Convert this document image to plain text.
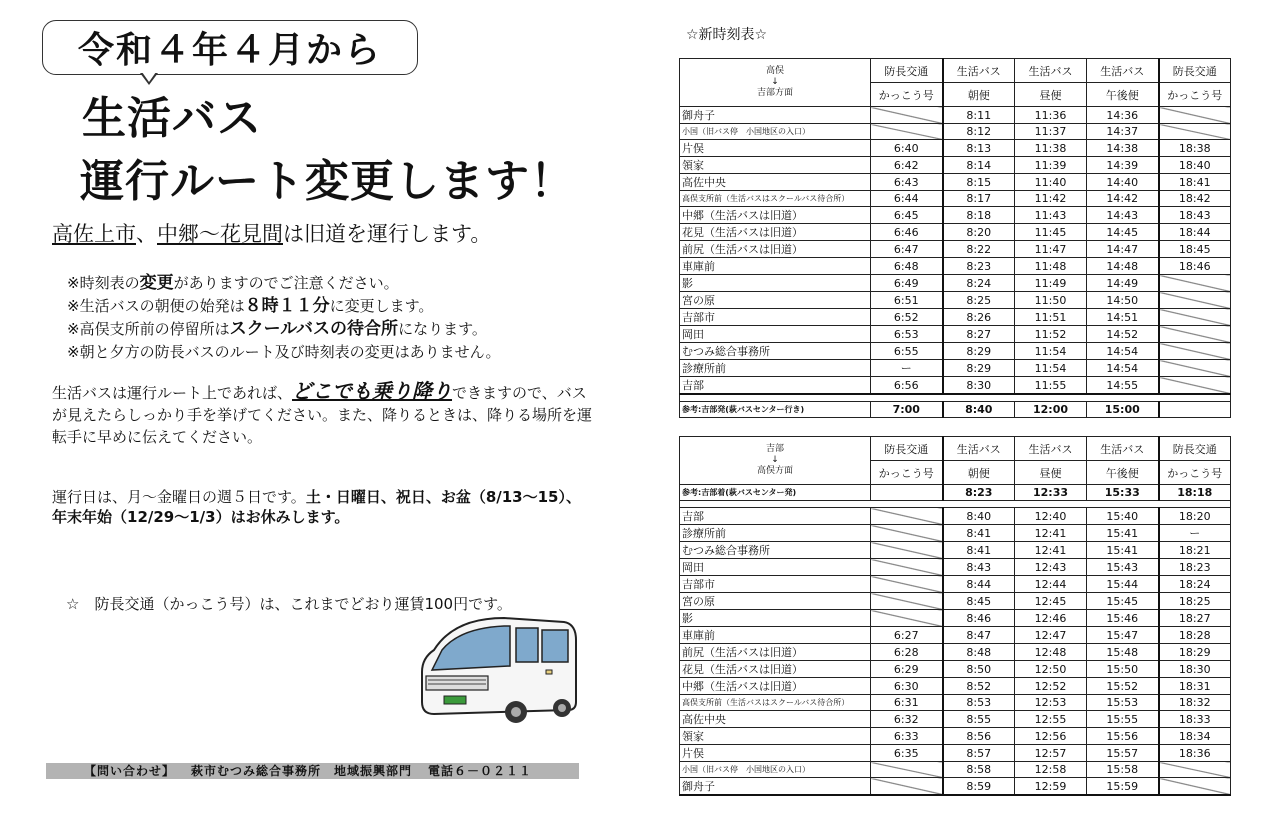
令和４年４月から
生活バス
運行ルート変更します！
高佐上市、中郷～花見間は旧道を運行します。
※時刻表の変更がありますのでご注意ください。
※生活バスの朝便の始発は８時１１分に変更します。
※高俣支所前の停留所はスクールバスの待合所になります。
※朝と夕方の防長バスのルート及び時刻表の変更はありません。
生活バスは運行ルート上であれば、どこでも乗り降りできますので、バスが見えたらしっかり手を挙げてください。また、降りるときは、降りる場所を運転手に早めに伝えてください。
運行日は、月～金曜日の週５日です。土・日曜日、祝日、お盆（8/13～15）、年末年始（12/29～1/3）はお休みします。
☆　防長交通（かっこう号）は、これまでどおり運賃100円です。
【問い合わせ】 萩市むつみ総合事務所　地域振興部門 電話６－０２１１
☆新時刻表☆
高俣
↓
吉部方面	防長交通	生活バス	生活バス	生活バス	防長交通
	かっこう号	朝便	昼便	午後便	かっこう号
御舟子		8:11	11:36	14:36	
小国（旧バス停　小国地区の入口）		8:12	11:37	14:37	
片俣	6:40	8:13	11:38	14:38	18:38
領家	6:42	8:14	11:39	14:39	18:40
高佐中央	6:43	8:15	11:40	14:40	18:41
高俣支所前（生活バスはスクールバス待合所）	6:44	8:17	11:42	14:42	18:42
中郷（生活バスは旧道）	6:45	8:18	11:43	14:43	18:43
花見（生活バスは旧道）	6:46	8:20	11:45	14:45	18:44
前尻（生活バスは旧道）	6:47	8:22	11:47	14:47	18:45
車庫前	6:48	8:23	11:48	14:48	18:46
影	6:49	8:24	11:49	14:49	
宮の原	6:51	8:25	11:50	14:50	
吉部市	6:52	8:26	11:51	14:51	
岡田	6:53	8:27	11:52	14:52	
むつみ総合事務所	6:55	8:29	11:54	14:54	
診療所前	ー	8:29	11:54	14:54	
吉部	6:56	8:30	11:55	14:55	

参考:吉部発(萩バスセンター行き)	7:00	8:40	12:00	15:00	
吉部
↓
高俣方面	防長交通	生活バス	生活バス	生活バス	防長交通
	かっこう号	朝便	昼便	午後便	かっこう号
参考:吉部着(萩バスセンター発)		8:23	12:33	15:33	18:18

吉部		8:40	12:40	15:40	18:20
診療所前		8:41	12:41	15:41	ー
むつみ総合事務所		8:41	12:41	15:41	18:21
岡田		8:43	12:43	15:43	18:23
吉部市		8:44	12:44	15:44	18:24
宮の原		8:45	12:45	15:45	18:25
影		8:46	12:46	15:46	18:27
車庫前	6:27	8:47	12:47	15:47	18:28
前尻（生活バスは旧道）	6:28	8:48	12:48	15:48	18:29
花見（生活バスは旧道）	6:29	8:50	12:50	15:50	18:30
中郷（生活バスは旧道）	6:30	8:52	12:52	15:52	18:31
高俣支所前（生活バスはスクールバス待合所）	6:31	8:53	12:53	15:53	18:32
高佐中央	6:32	8:55	12:55	15:55	18:33
領家	6:33	8:56	12:56	15:56	18:34
片俣	6:35	8:57	12:57	15:57	18:36
小国（旧バス停　小国地区の入口）		8:58	12:58	15:58	
御舟子		8:59	12:59	15:59	
